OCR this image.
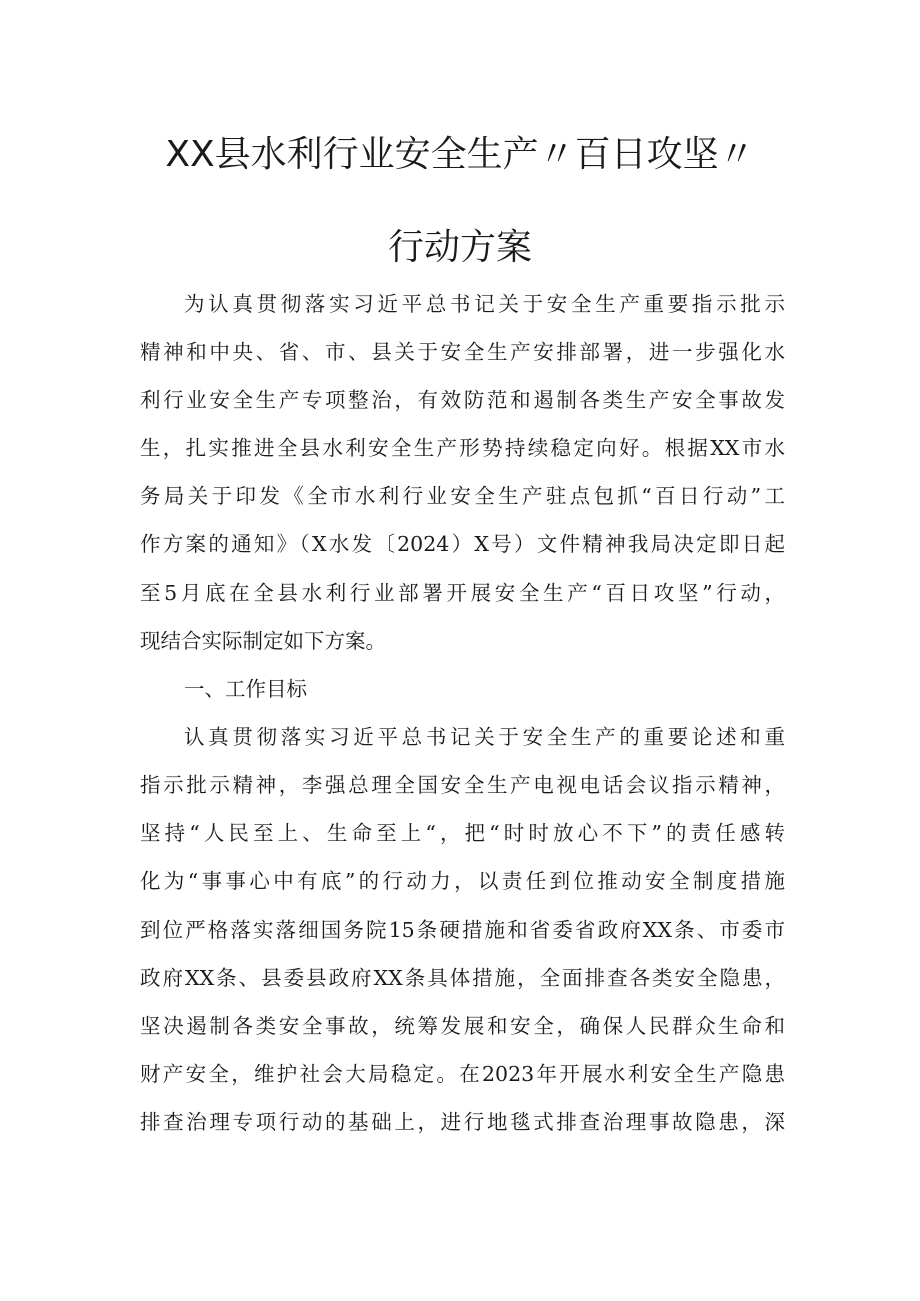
XX县水利行业安全生产〃百日攻坚〃
行动方案
为认真贯彻落实习近平总书记关于安全生产重要指示批示
精神和中央、省、市、县关于安全生产安排部署，进一步强化水
利行业安全生产专项整治，有效防范和遏制各类生产安全事故发
生，扎实推进全县水利安全生产形势持续稳定向好。根据XX市水
务局关于印发《全市水利行业安全生产驻点包抓“百日行动”工
作方案的通知》（X水发〔2024）X号）文件精神我局决定即日起
至5月底在全县水利行业部署开展安全生产“百日攻坚”行动，
现结合实际制定如下方案。
一、工作目标
认真贯彻落实习近平总书记关于安全生产的重要论述和重
指示批示精神，李强总理全国安全生产电视电话会议指示精神，
坚持“人民至上、生命至上“，把“时时放心不下”的责任感转
化为“事事心中有底”的行动力，以责任到位推动安全制度措施
到位严格落实落细国务院15条硬措施和省委省政府XX条、市委市
政府XX条、县委县政府XX条具体措施，全面排查各类安全隐患，
坚决遏制各类安全事故，统筹发展和安全，确保人民群众生命和
财产安全，维护社会大局稳定。在2023年开展水利安全生产隐患
排查治理专项行动的基础上，进行地毯式排查治理事故隐患，深
